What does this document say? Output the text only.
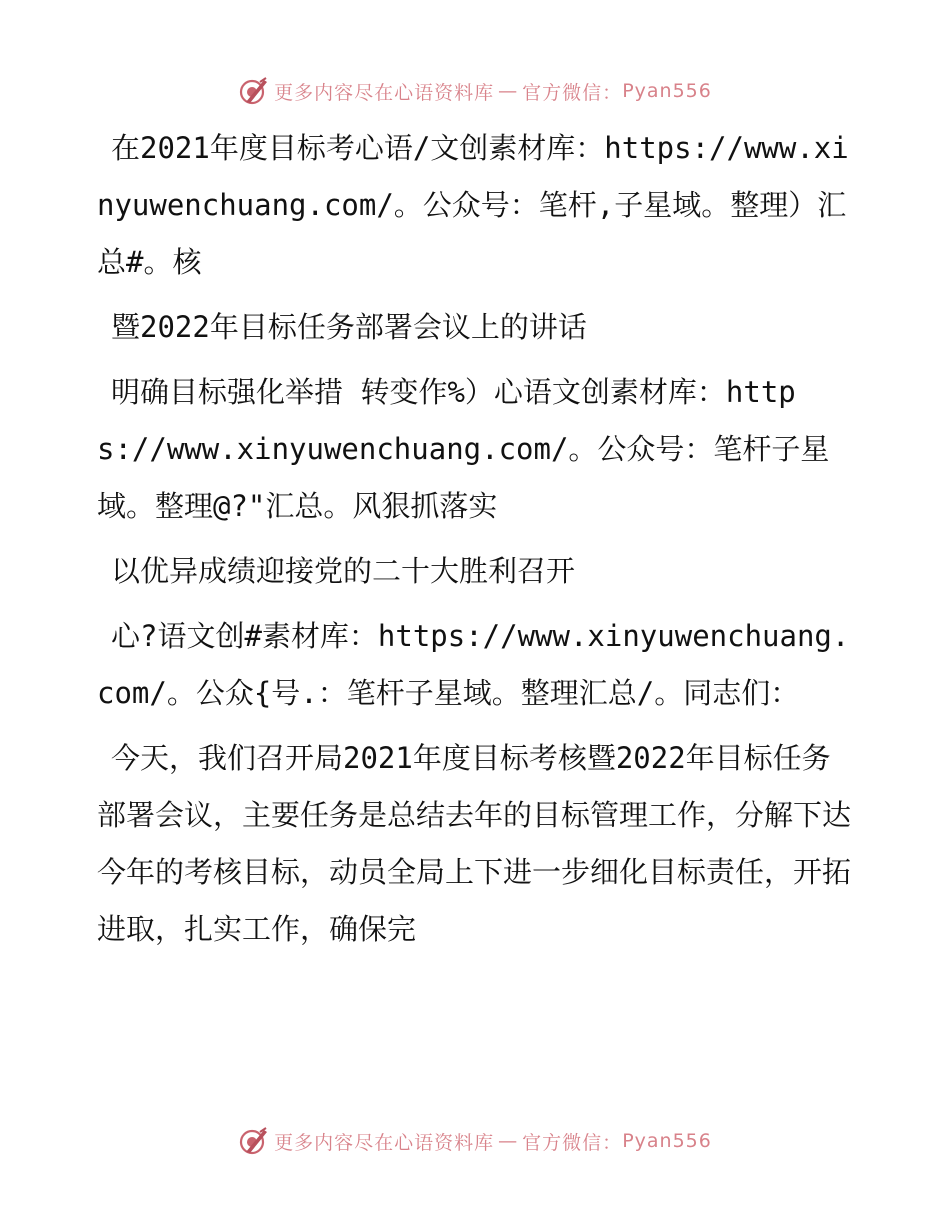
更多内容尽在心语资料库 — 官方微信： Pyan556

在2021年度目标考心语/文创素材库：https://www.xinyuwenchuang.com/。公众号：笔杆,子星域。整理）汇总#。核

暨2022年目标任务部署会议上的讲话

明确目标强化举措 转变作%）心语文创素材库：https://www.xinyuwenchuang.com/。公众号：笔杆子星域。整理@?"汇总。风狠抓落实

以优异成绩迎接党的二十大胜利召开

心?语文创#素材库：https://www.xinyuwenchuang.com/。公众{号.：笔杆子星域。整理汇总/。同志们：

今天，我们召开局2021年度目标考核暨2022年目标任务部署会议，主要任务是总结去年的目标管理工作，分解下达今年的考核目标，动员全局上下进一步细化目标责任，开拓进取，扎实工作，确保完

更多内容尽在心语资料库 — 官方微信： Pyan556
